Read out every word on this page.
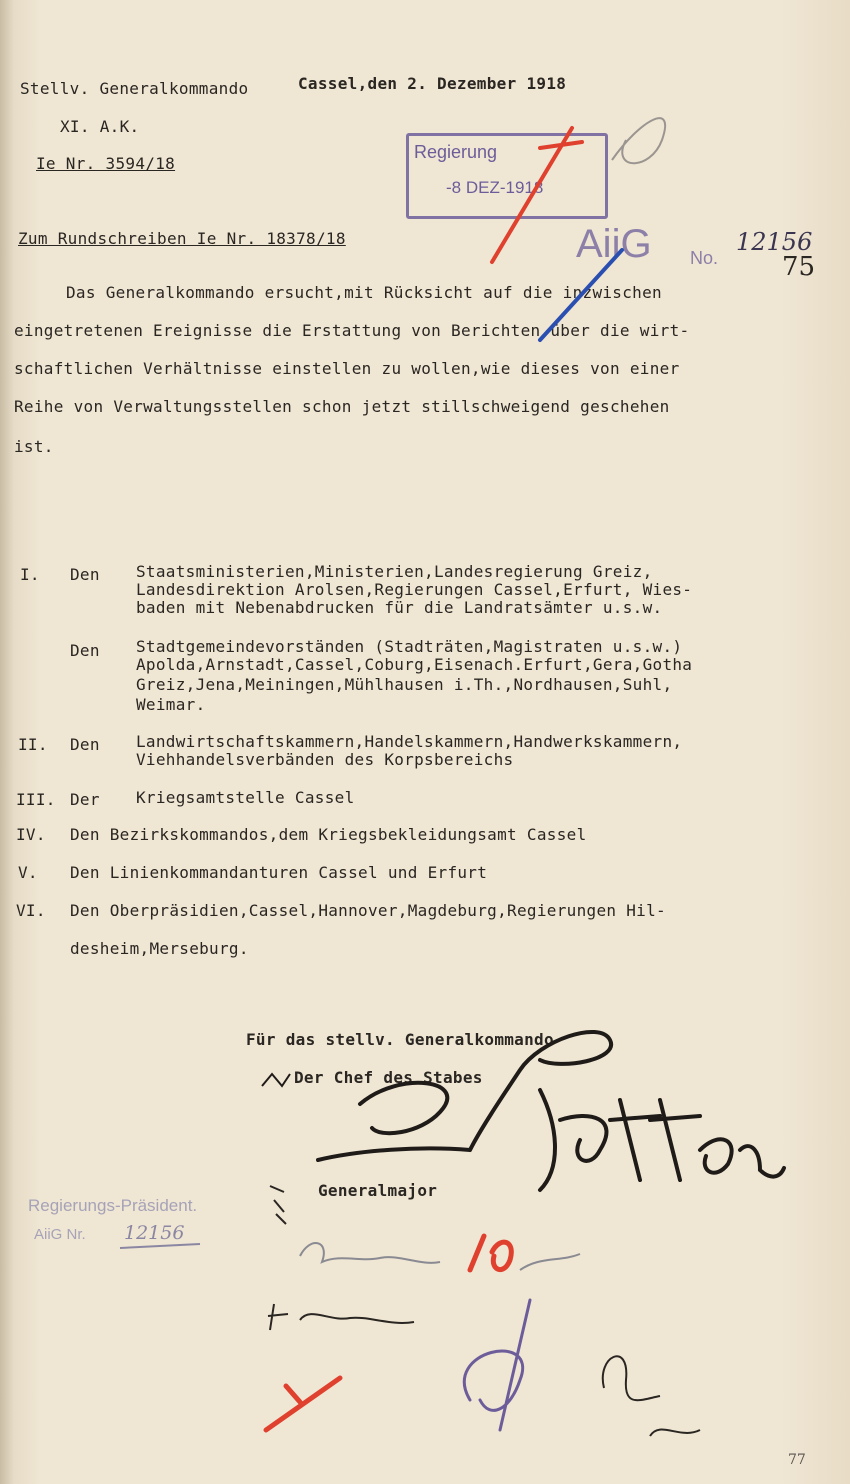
Stellv. Generalkommando
XI. A.K.
Ie Nr. 3594/18
Cassel,den 2. Dezember 1918
Regierung
-8 DEZ-1918
AiiG No.
12156
75
Zum Rundschreiben Ie Nr. 18378/18
Das Generalkommando ersucht,mit Rücksicht auf die inzwischen
eingetretenen Ereignisse die Erstattung von Berichten über die wirt-
schaftlichen Verhältnisse einstellen zu wollen,wie dieses von einer
Reihe von Verwaltungsstellen schon jetzt stillschweigend geschehen
ist.
I. Den Staatsministerien,Ministerien,Landesregierung Greiz,
Landesdirektion Arolsen,Regierungen Cassel,Erfurt, Wies-
baden mit Nebenabdrucken für die Landratsämter u.s.w.
Den Stadtgemeindevorständen (Stadträten,Magistraten u.s.w.)
Apolda,Arnstadt,Cassel,Coburg,Eisenach.Erfurt,Gera,Gotha
Greiz,Jena,Meiningen,Mühlhausen i.Th.,Nordhausen,Suhl,
Weimar.
II. Den Landwirtschaftskammern,Handelskammern,Handwerkskammern,
Viehhandelsverbänden des Korpsbereichs
III. Der Kriegsamtstelle Cassel
IV. Den Bezirkskommandos,dem Kriegsbekleidungsamt Cassel
V. Den Linienkommandanturen Cassel und Erfurt
VI. Den Oberpräsidien,Cassel,Hannover,Magdeburg,Regierungen Hil-
desheim,Merseburg.
Für das stellv. Generalkommando
Der Chef des Stabes
Generalmajor
Regierungs-Präsident.
AiiG Nr. 12156
77
